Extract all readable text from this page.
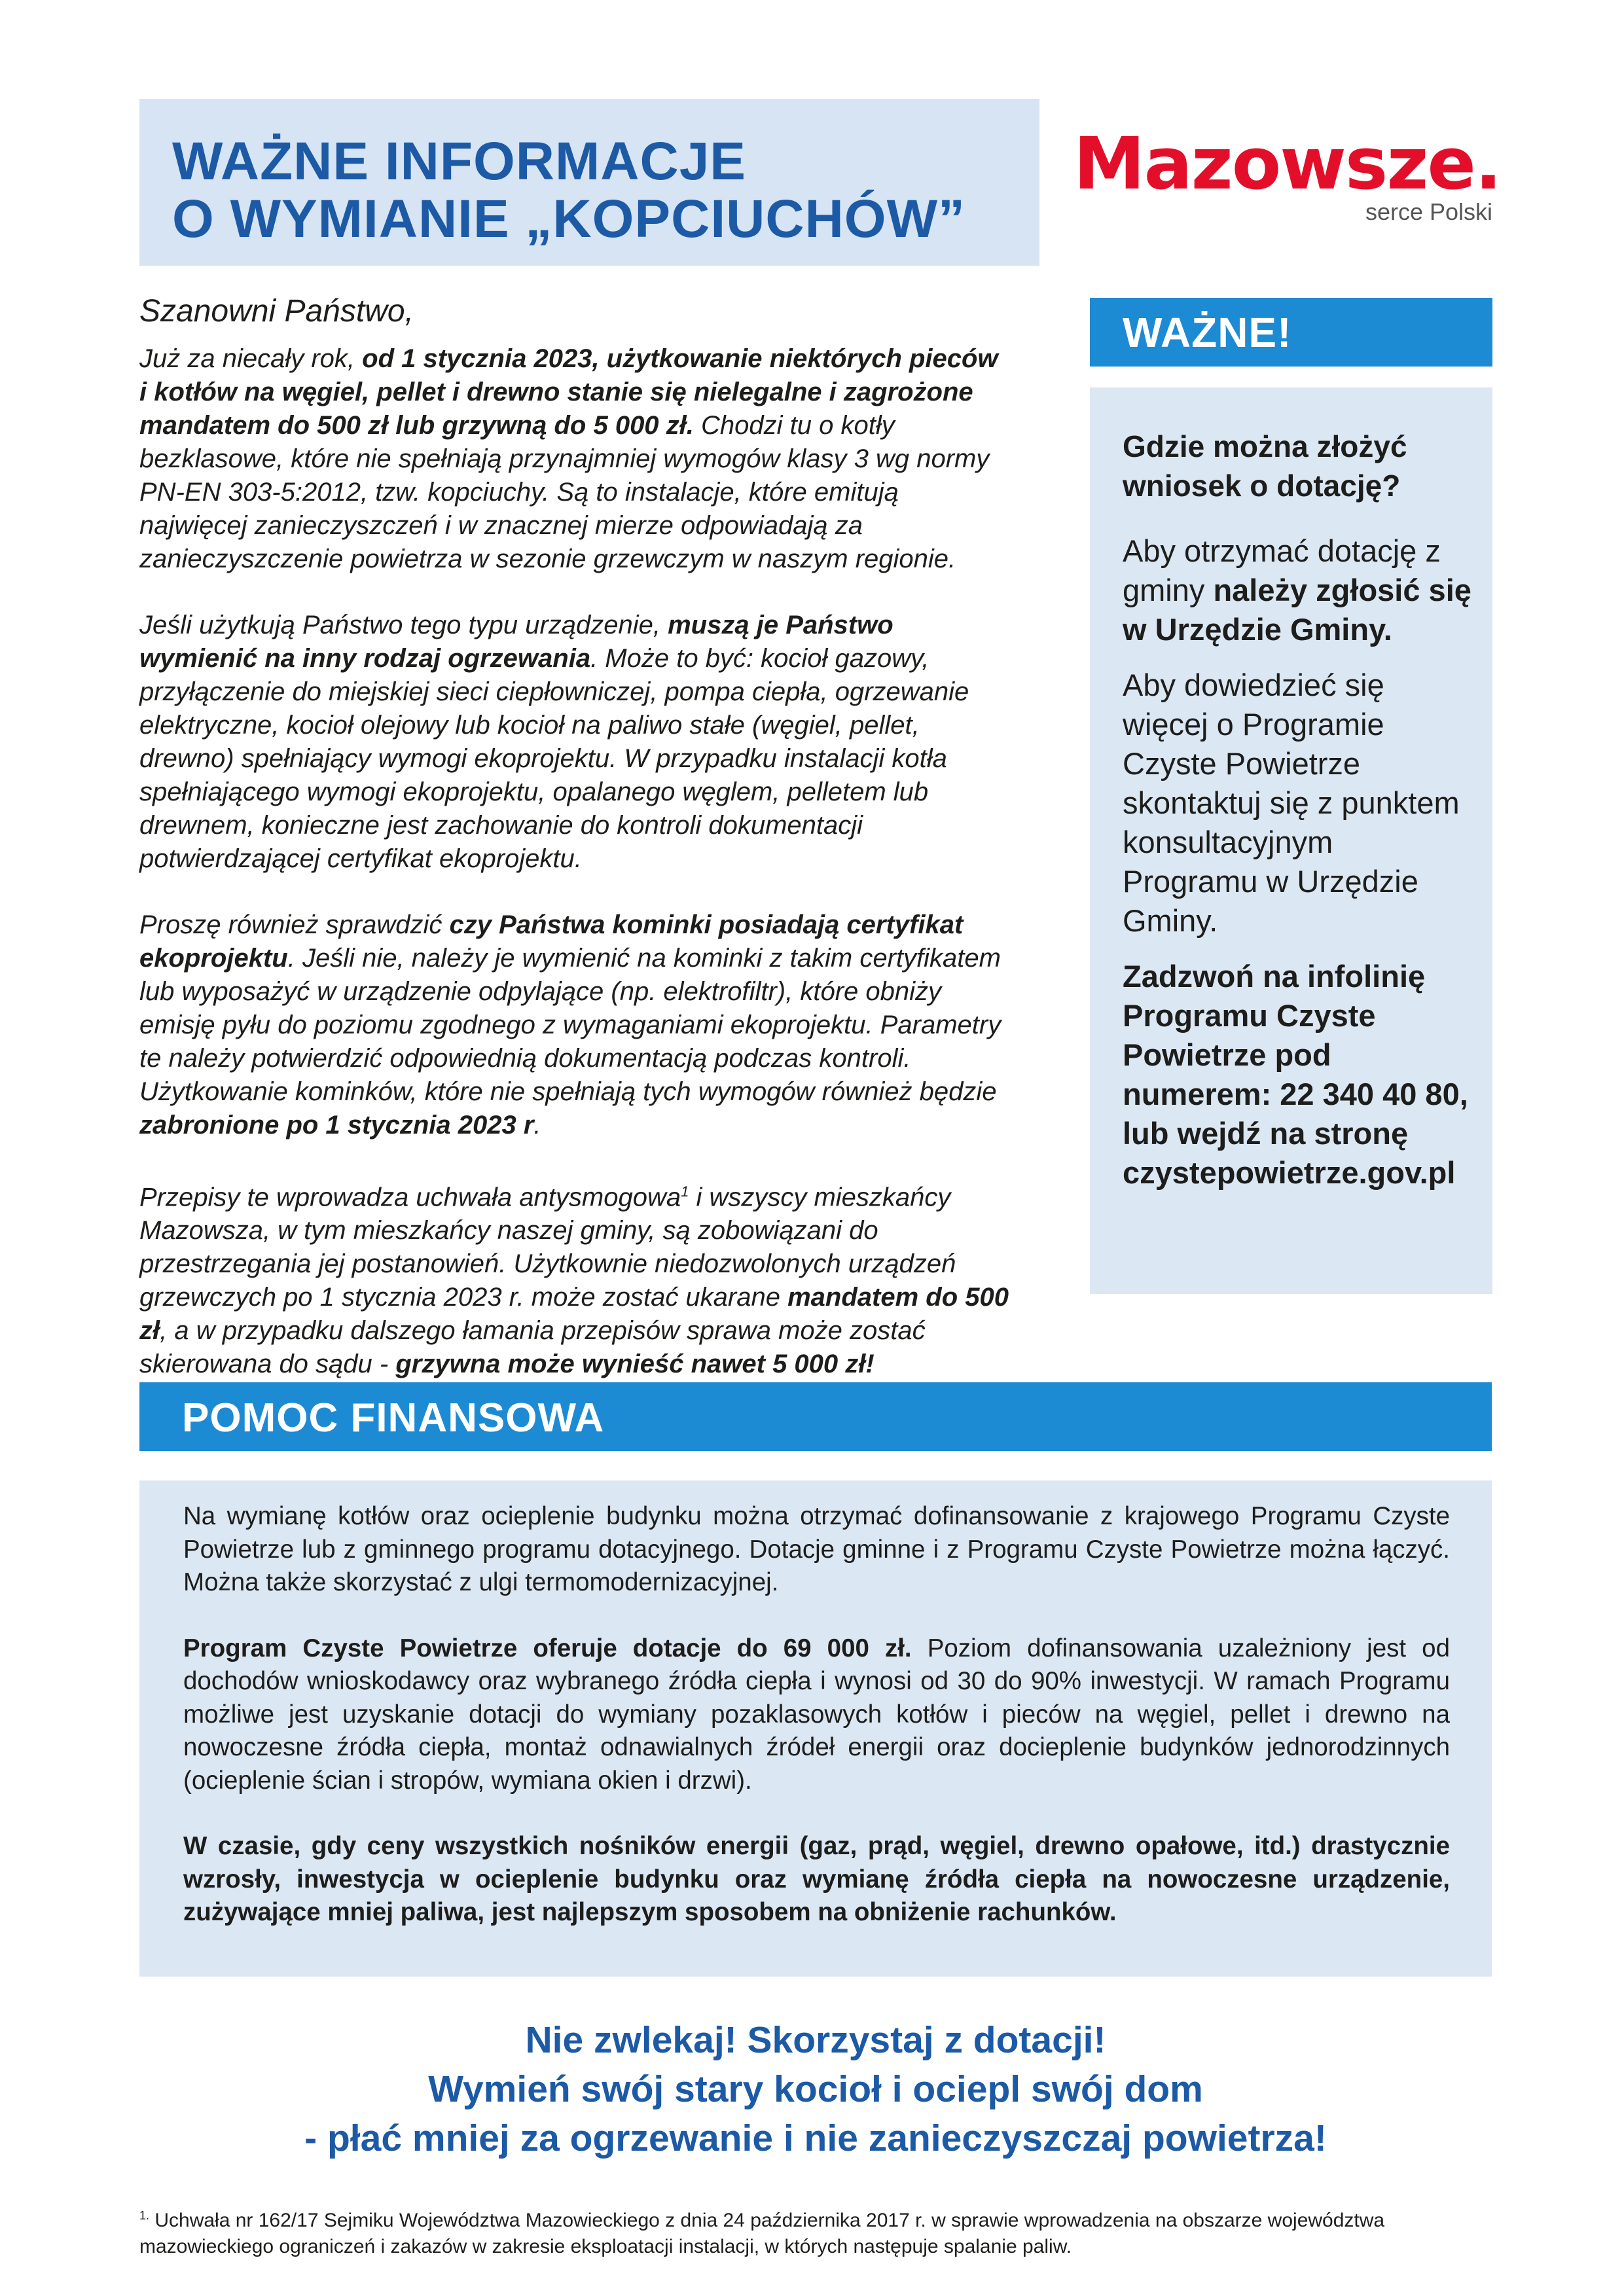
WAŻNE INFORMACJE
O WYMIANIE „KOPCIUCHÓW”
Mazowsze.
serce Polski

Szanowni Państwo,

Już za niecały rok, od 1 stycznia 2023, użytkowanie niektórych pieców i kotłów na węgiel, pellet i drewno stanie się nielegalne i zagrożone mandatem do 500 zł lub grzywną do 5 000 zł. Chodzi tu o kotły bezklasowe, które nie spełniają przynajmniej wymogów klasy 3 wg normy PN-EN 303-5:2012, tzw. kopciuchy. Są to instalacje, które emitują najwięcej zanieczyszczeń i w znacznej mierze odpowiadają za zanieczyszczenie powietrza w sezonie grzewczym w naszym regionie.

Jeśli użytkują Państwo tego typu urządzenie, muszą je Państwo wymienić na inny rodzaj ogrzewania. Może to być: kocioł gazowy, przyłączenie do miejskiej sieci ciepłowniczej, pompa ciepła, ogrzewanie elektryczne, kocioł olejowy lub kocioł na paliwo stałe (węgiel, pellet, drewno) spełniający wymogi ekoprojektu. W przypadku instalacji kotła spełniającego wymogi ekoprojektu, opalanego węglem, pelletem lub drewnem, konieczne jest zachowanie do kontroli dokumentacji potwierdzającej certyfikat ekoprojektu.

Proszę również sprawdzić czy Państwa kominki posiadają certyfikat ekoprojektu. Jeśli nie, należy je wymienić na kominki z takim certyfikatem lub wyposażyć w urządzenie odpylające (np. elektrofiltr), które obniży emisję pyłu do poziomu zgodnego z wymaganiami ekoprojektu. Parametry te należy potwierdzić odpowiednią dokumentacją podczas kontroli. Użytkowanie kominków, które nie spełniają tych wymogów również będzie zabronione po 1 stycznia 2023 r.

Przepisy te wprowadza uchwała antysmogowa$^1$ i wszyscy mieszkańcy Mazowsza, w tym mieszkańcy naszej gminy, są zobowiązani do przestrzegania jej postanowień. Użytkownie niedozwolonych urządzeń grzewczych po 1 stycznia 2023 r. może zostać ukarane mandatem do 500 zł, a w przypadku dalszego łamania przepisów sprawa może zostać skierowana do sądu - grzywna może wynieść nawet 5 000 zł!

WAŻNE!

Gdzie można złożyć wniosek o dotację?

Aby otrzymać dotację z gminy należy zgłosić się w Urzędzie Gminy.

Aby dowiedzieć się więcej o Programie Czyste Powietrze skontaktuj się z punktem konsultacyjnym Programu w Urzędzie Gminy.

Zadzwoń na infolinię Programu Czyste Powietrze pod numerem: 22 340 40 80, lub wejdź na stronę czystepowietrze.gov.pl

POMOC FINANSOWA

Na wymianę kotłów oraz ocieplenie budynku można otrzymać dofinansowanie z krajowego Programu Czyste Powietrze lub z gminnego programu dotacyjnego. Dotacje gminne i z Programu Czyste Powietrze można łączyć. Można także skorzystać z ulgi termomodernizacyjnej.

Program Czyste Powietrze oferuje dotacje do 69 000 zł. Poziom dofinansowania uzależniony jest od dochodów wnioskodawcy oraz wybranego źródła ciepła i wynosi od 30 do 90% inwestycji. W ramach Programu możliwe jest uzyskanie dotacji do wymiany pozaklasowych kotłów i pieców na węgiel, pellet i drewno na nowoczesne źródła ciepła, montaż odnawialnych źródeł energii oraz docieplenie budynków jednorodzinnych (ocieplenie ścian i stropów, wymiana okien i drzwi).

W czasie, gdy ceny wszystkich nośników energii (gaz, prąd, węgiel, drewno opałowe, itd.) drastycznie wzrosły, inwestycja w ocieplenie budynku oraz wymianę źródła ciepła na nowoczesne urządzenie, zużywające mniej paliwa, jest najlepszym sposobem na obniżenie rachunków.

Nie zwlekaj! Skorzystaj z dotacji!
Wymień swój stary kocioł i ociepl swój dom
- płać mniej za ogrzewanie i nie zanieczyszczaj powietrza!
$^{1.}$ Uchwała nr 162/17 Sejmiku Województwa Mazowieckiego z dnia 24 października 2017 r. w sprawie wprowadzenia na obszarze województwa mazowieckiego ograniczeń i zakazów w zakresie eksploatacji instalacji, w których następuje spalanie paliw.
